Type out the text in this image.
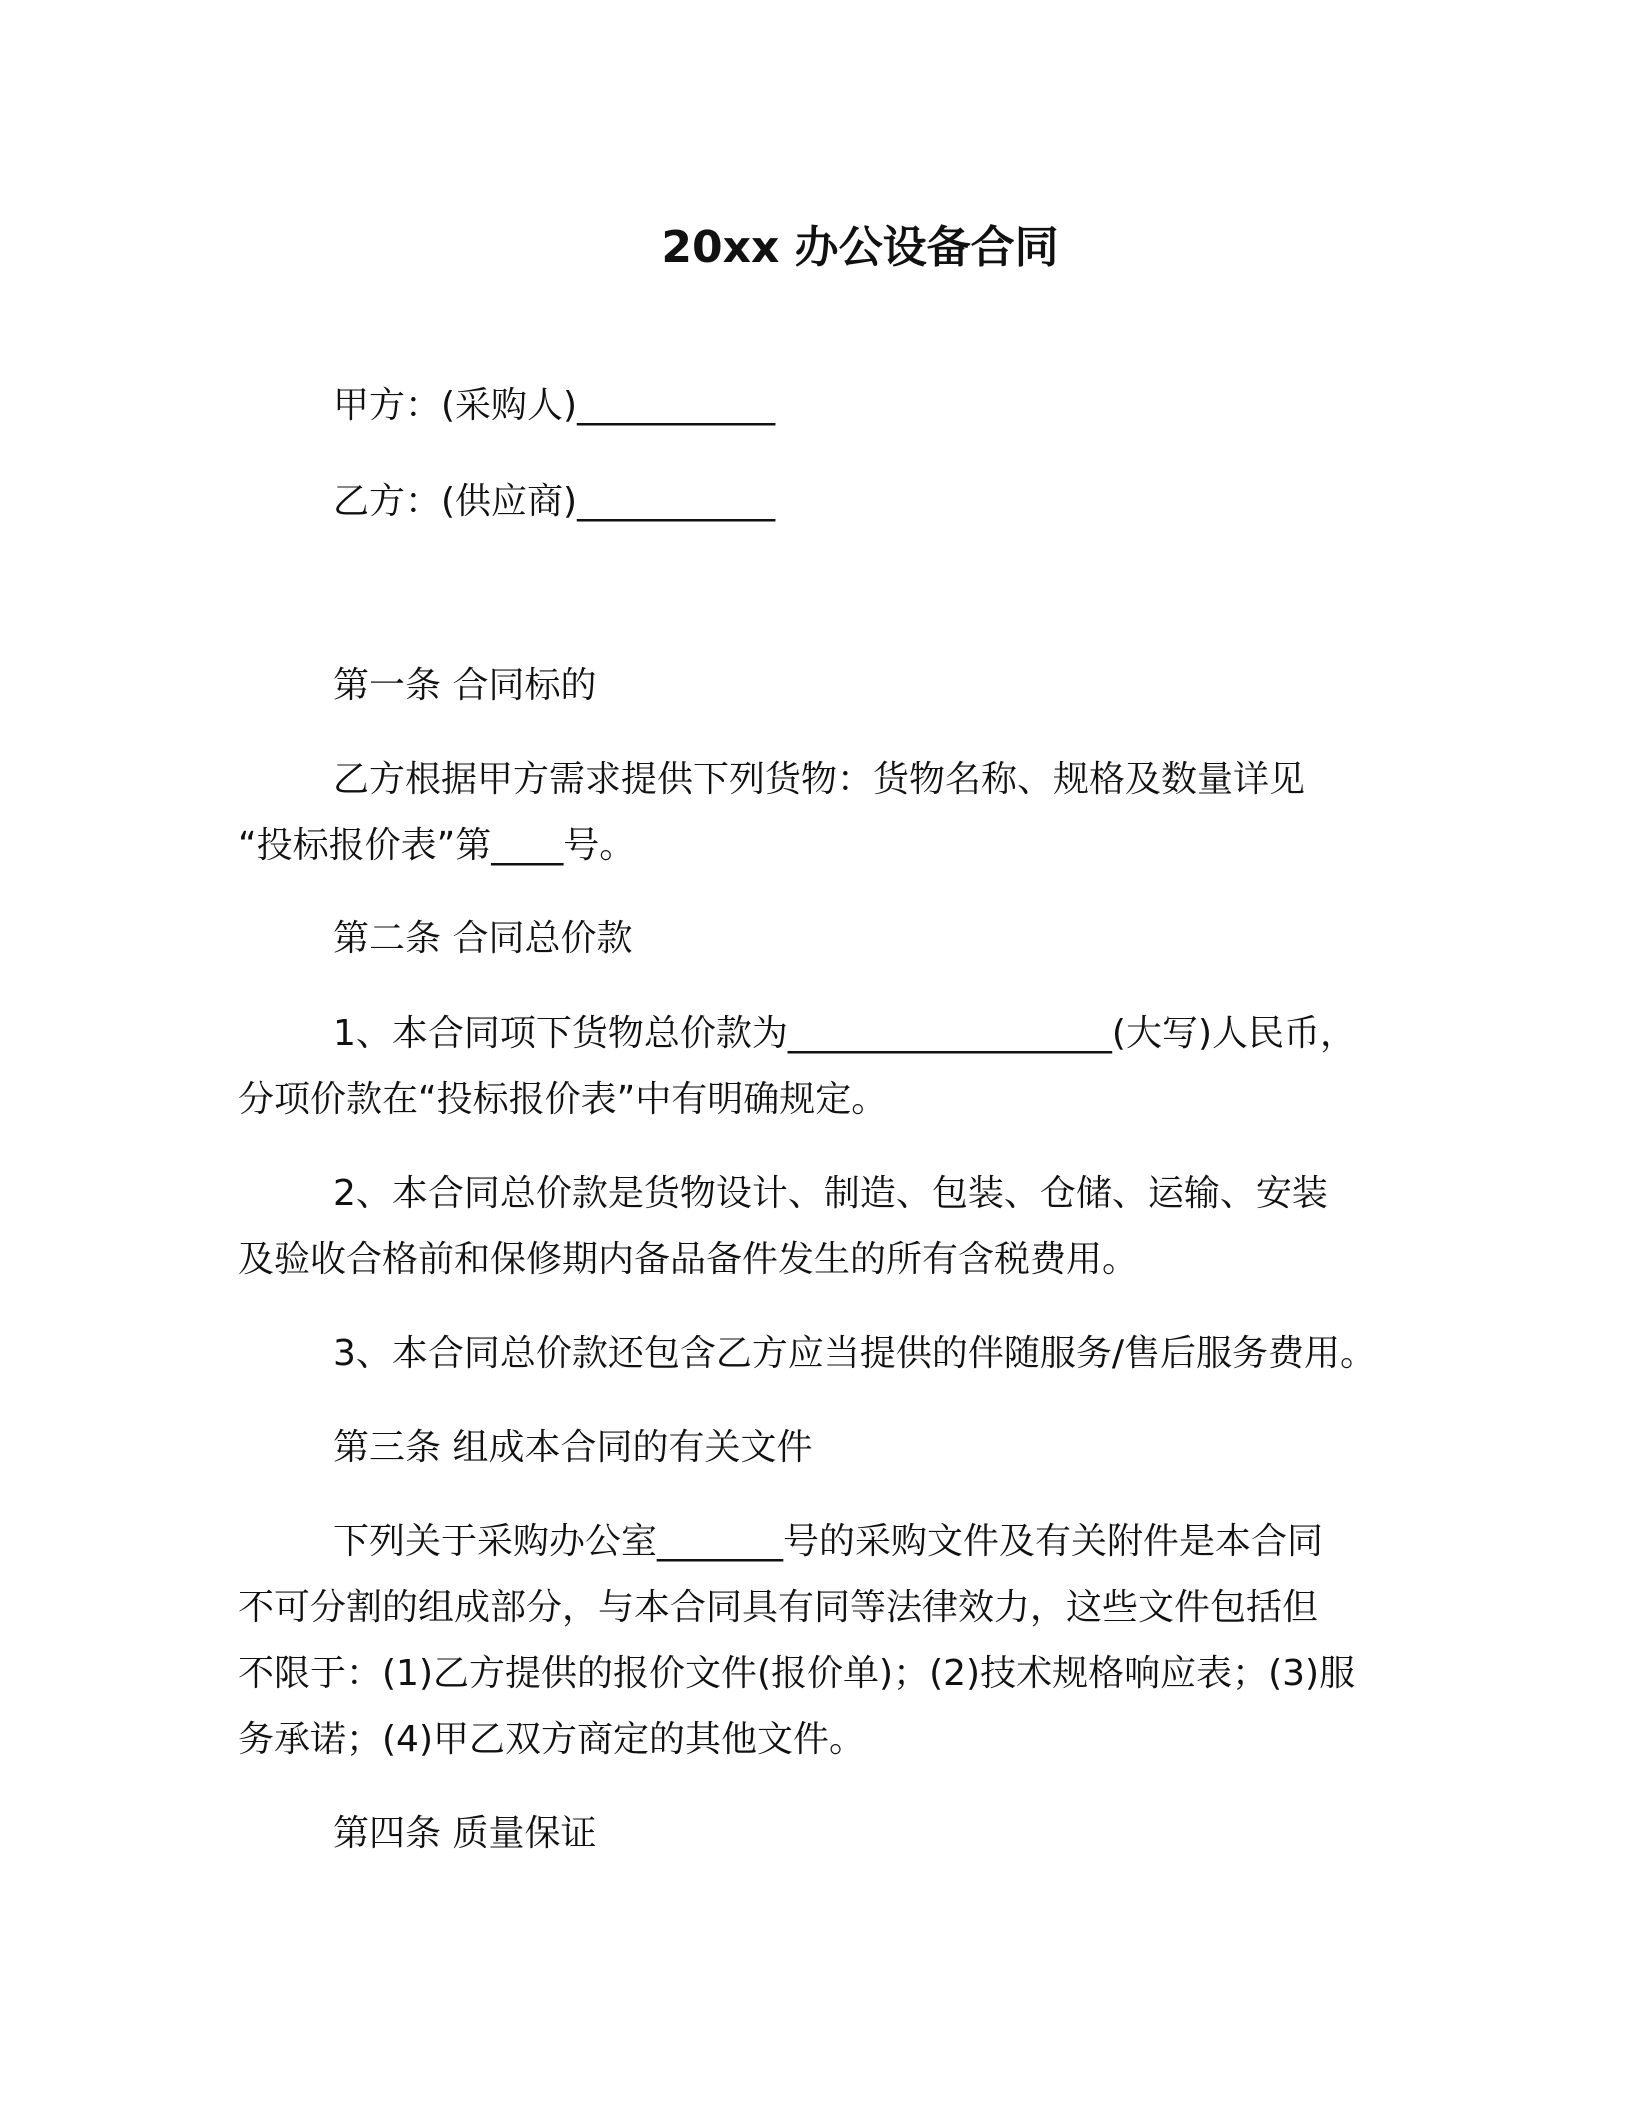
20xx 办公设备合同
甲方：(采购人)___________
乙方：(供应商)___________
第一条 合同标的
乙方根据甲方需求提供下列货物：货物名称、规格及数量详见
“投标报价表”第____号。
第二条 合同总价款
1、本合同项下货物总价款为__________________(大写)人民币，
分项价款在“投标报价表”中有明确规定。
2、本合同总价款是货物设计、制造、包装、仓储、运输、安装
及验收合格前和保修期内备品备件发生的所有含税费用。
3、本合同总价款还包含乙方应当提供的伴随服务/售后服务费用。
第三条 组成本合同的有关文件
下列关于采购办公室_______号的采购文件及有关附件是本合同
不可分割的组成部分，与本合同具有同等法律效力，这些文件包括但
不限于：(1)乙方提供的报价文件(报价单)；(2)技术规格响应表；(3)服
务承诺；(4)甲乙双方商定的其他文件。
第四条 质量保证
